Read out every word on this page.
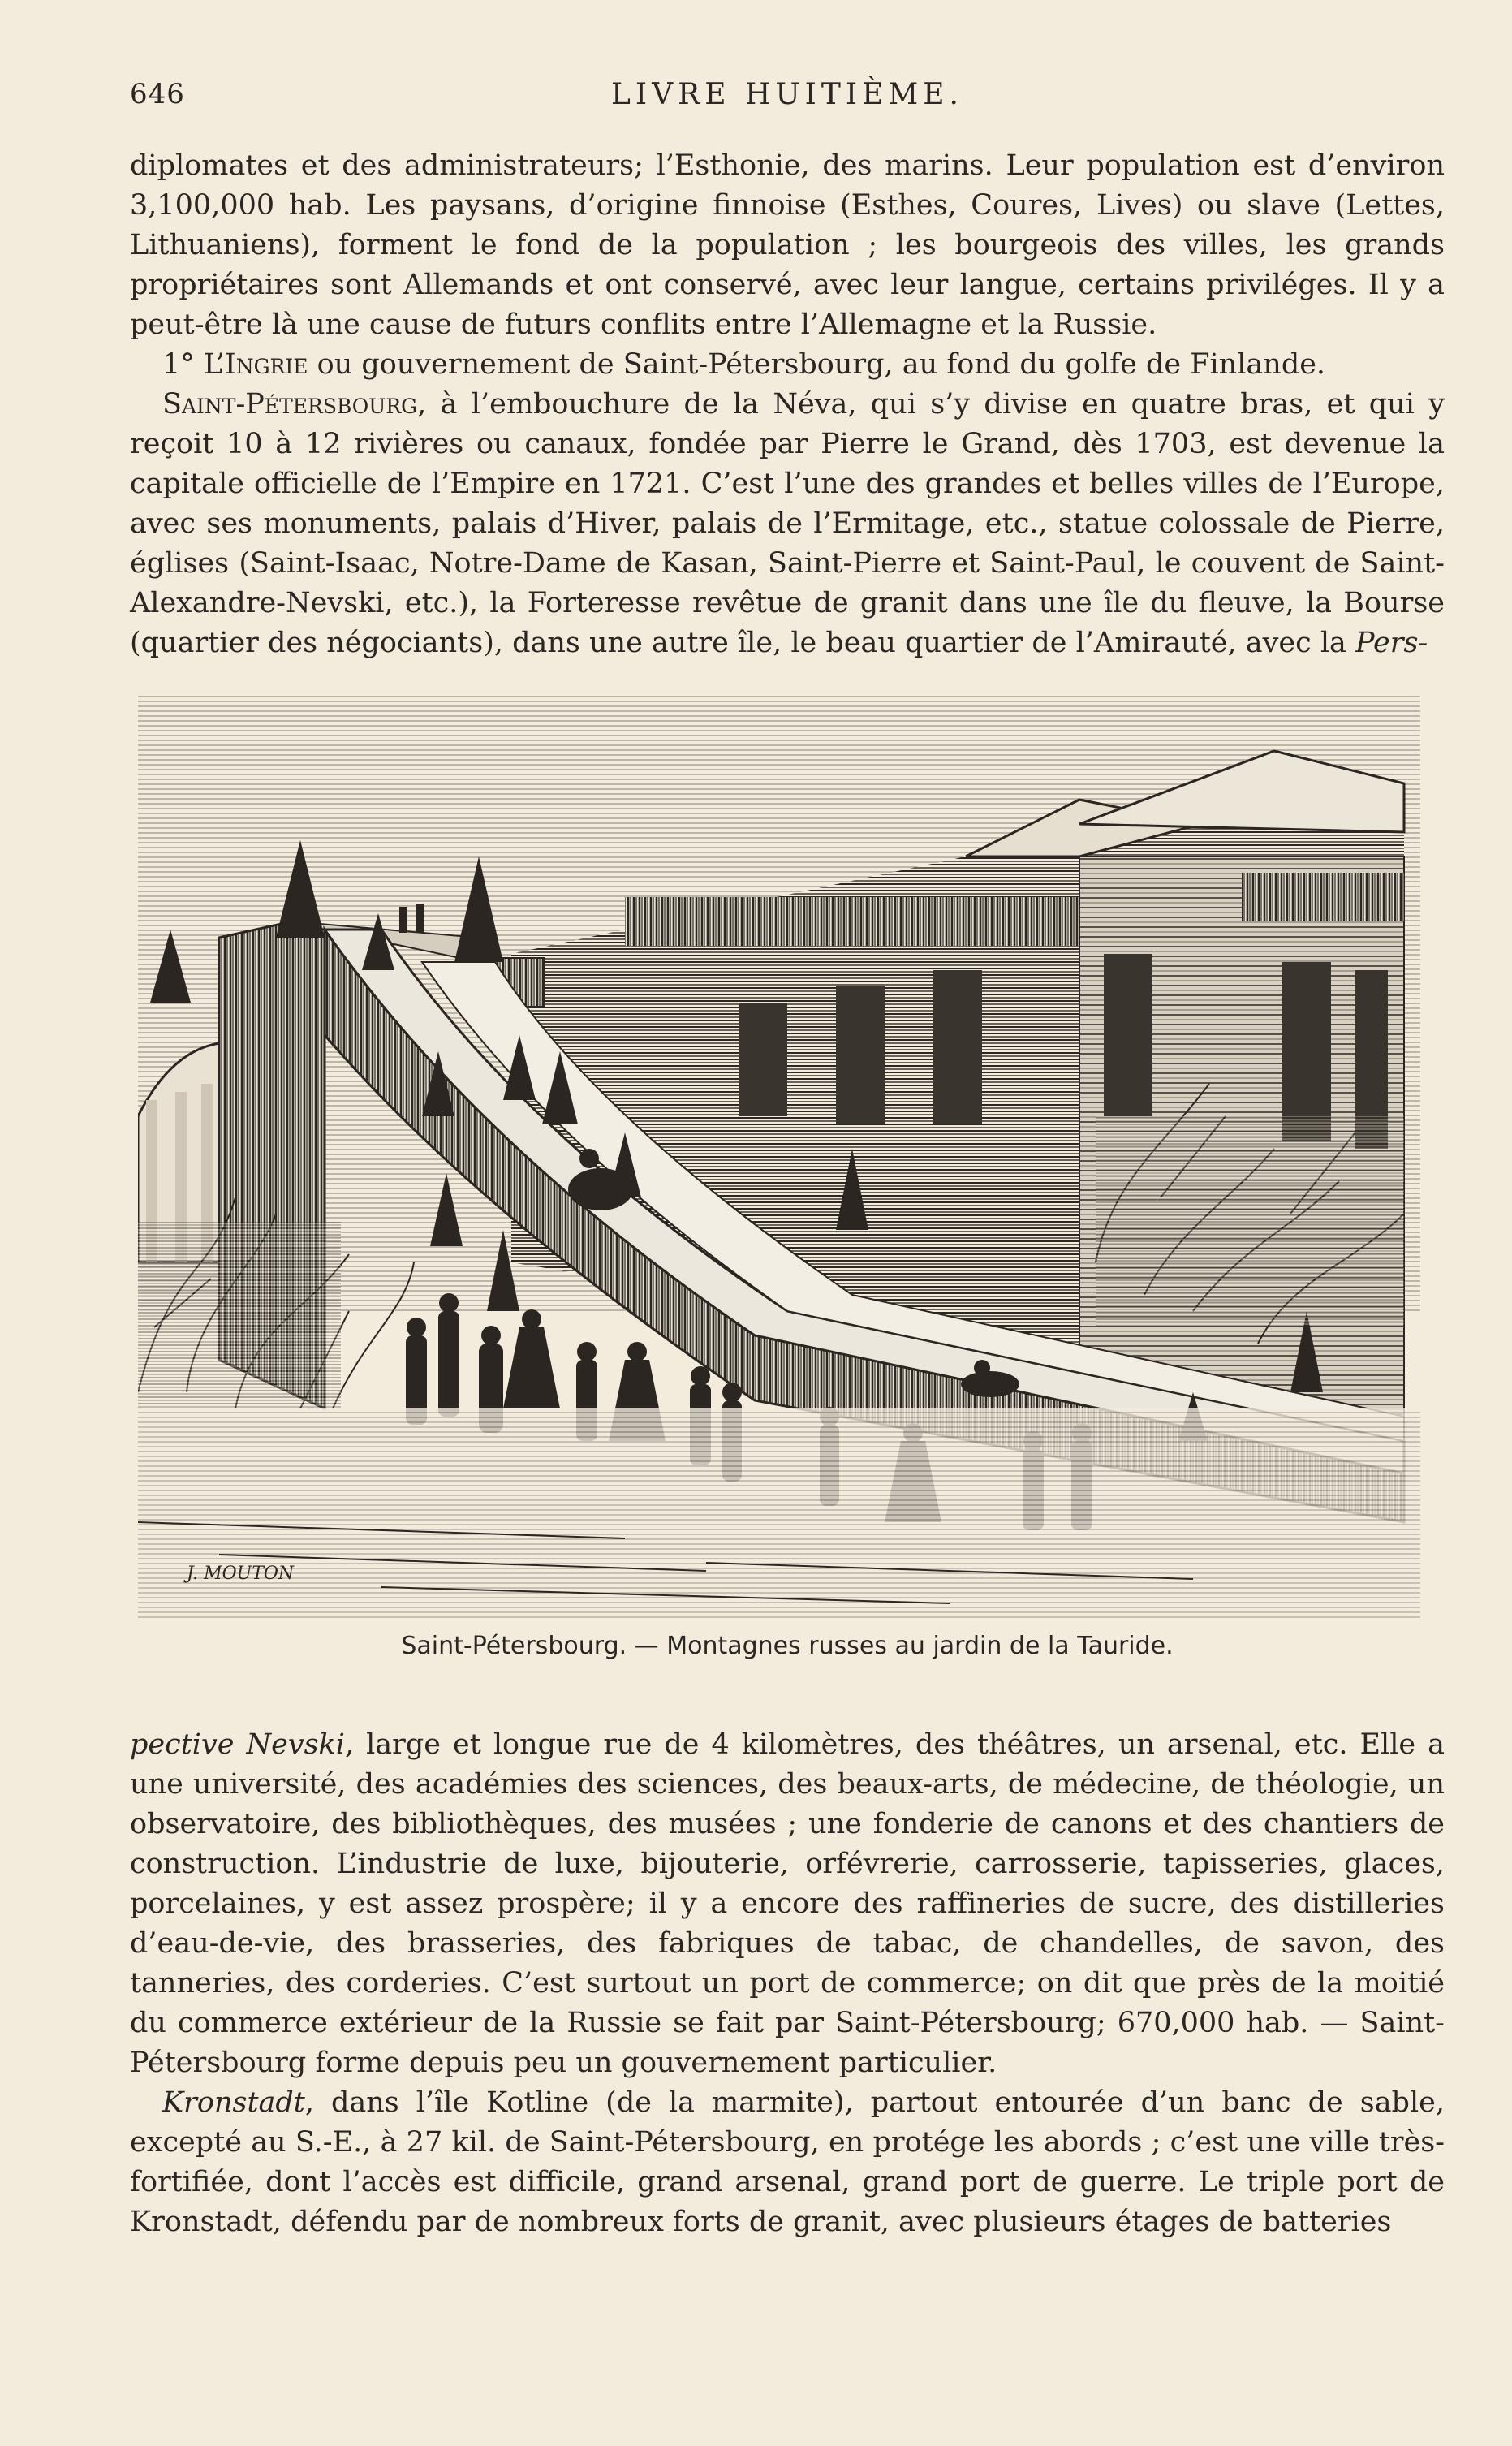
646	LIVRE HUITIÈME.

diplomates et des administrateurs; l’Esthonie, des marins. Leur population est d’environ 3,100,000 hab. Les paysans, d’origine finnoise (Esthes, Coures, Lives) ou slave (Lettes, Lithuaniens), forment le fond de la population ; les bourgeois des villes, les grands propriétaires sont Allemands et ont conservé, avec leur langue, certains priviléges. Il y a peut-être là une cause de futurs conflits entre l’Allemagne et la Russie.

1° L’Ingrie ou gouvernement de Saint-Pétersbourg, au fond du golfe de Finlande.

Saint-Pétersbourg, à l’embouchure de la Néva, qui s’y divise en quatre bras, et qui y reçoit 10 à 12 rivières ou canaux, fondée par Pierre le Grand, dès 1703, est devenue la capitale officielle de l’Empire en 1721. C’est l’une des grandes et belles villes de l’Europe, avec ses monuments, palais d’Hiver, palais de l’Ermitage, etc., statue colossale de Pierre, églises (Saint-Isaac, Notre-Dame de Kasan, Saint-Pierre et Saint-Paul, le couvent de Saint-Alexandre-Nevski, etc.), la Forteresse revêtue de granit dans une île du fleuve, la Bourse (quartier des négociants), dans une autre île, le beau quartier de l’Amirauté, avec la Pers-

J. MOUTON
Saint-Pétersbourg. — Montagnes russes au jardin de la Tauride.

pective Nevski, large et longue rue de 4 kilomètres, des théâtres, un arsenal, etc. Elle a une université, des académies des sciences, des beaux-arts, de médecine, de théologie, un observatoire, des bibliothèques, des musées ; une fonderie de canons et des chantiers de construction. L’industrie de luxe, bijouterie, orfévrerie, carrosserie, tapisseries, glaces, porcelaines, y est assez prospère; il y a encore des raffineries de sucre, des distilleries d’eau-de-vie, des brasseries, des fabriques de tabac, de chandelles, de savon, des tanneries, des corderies. C’est surtout un port de commerce; on dit que près de la moitié du commerce extérieur de la Russie se fait par Saint-Pétersbourg; 670,000 hab. — Saint-Pétersbourg forme depuis peu un gouvernement particulier.

Kronstadt, dans l’île Kotline (de la marmite), partout entourée d’un banc de sable, excepté au S.-E., à 27 kil. de Saint-Pétersbourg, en protége les abords ; c’est une ville très-fortifiée, dont l’accès est difficile, grand arsenal, grand port de guerre. Le triple port de Kronstadt, défendu par de nombreux forts de granit, avec plusieurs étages de batteries
